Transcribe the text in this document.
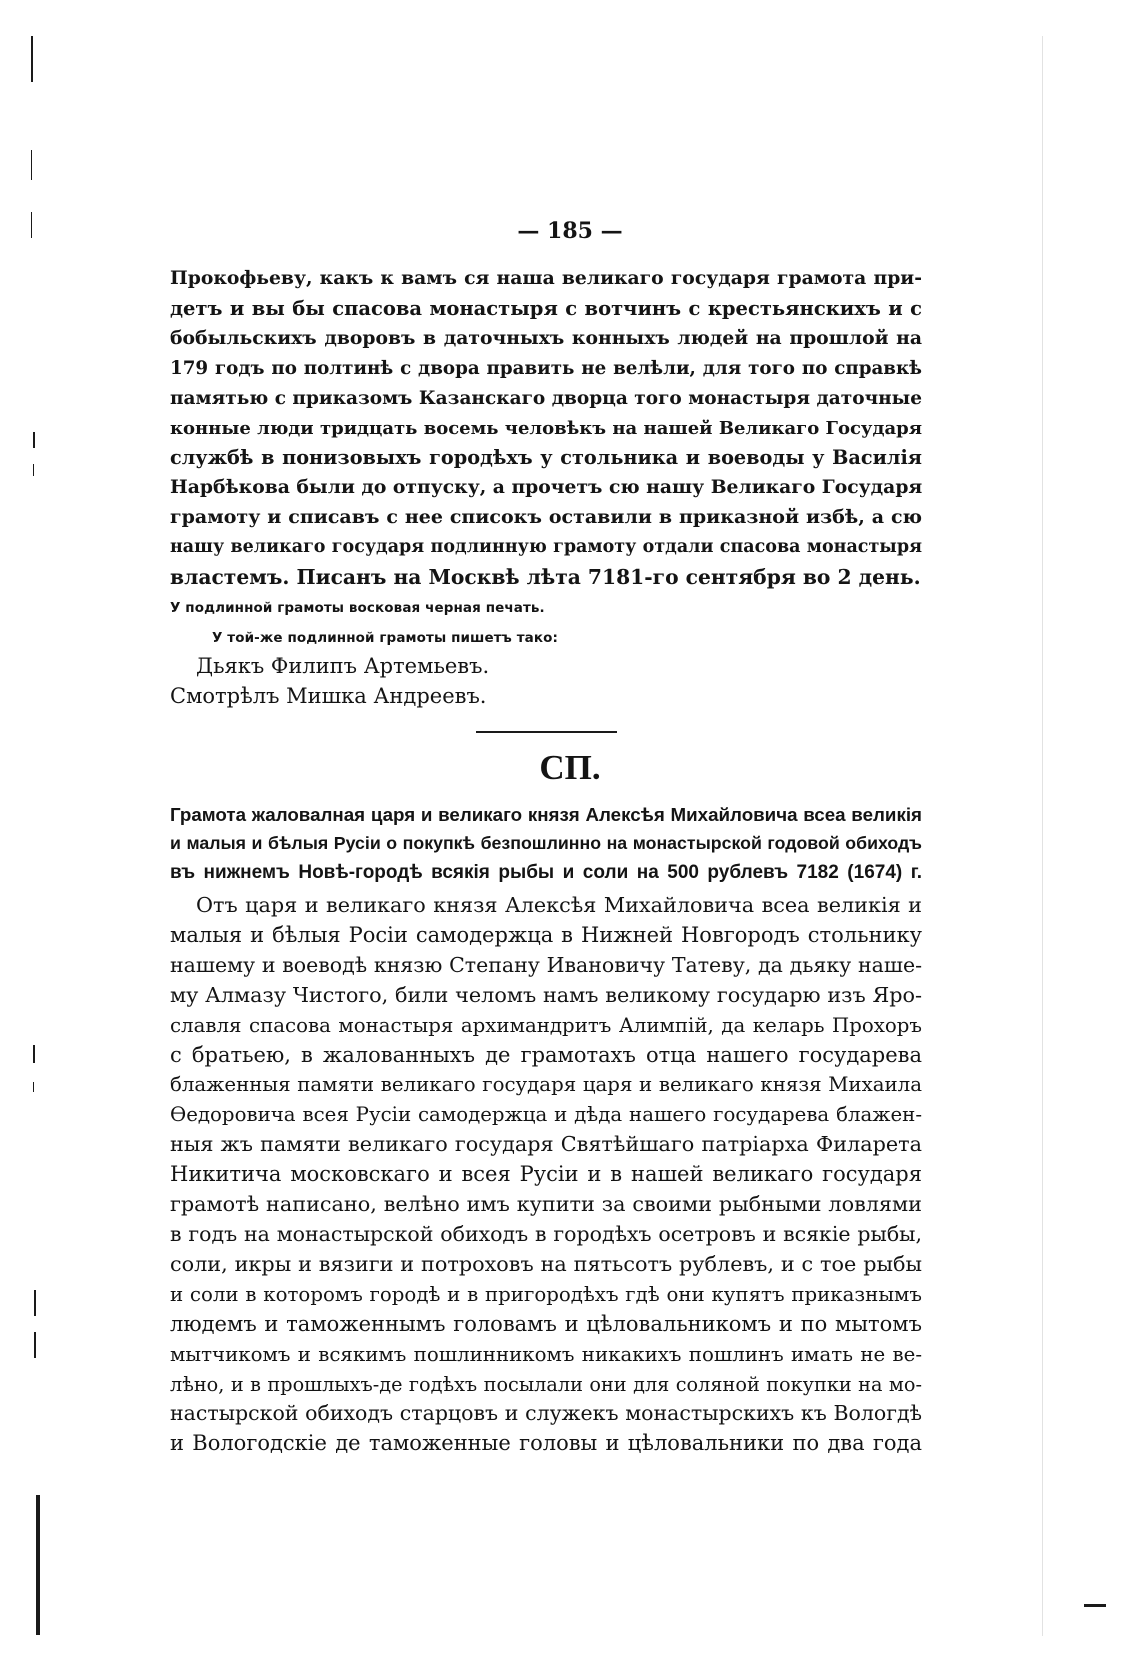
— 185 —
Прокофьеву, какъ к вамъ ся наша великаго государя грамота при-
детъ и вы бы спасова монастыря с вотчинъ с крестьянскихъ и с
бобыльскихъ дворовъ в даточныхъ конныхъ людей на прошлой на
179 годъ по полтинѣ с двора править не велѣли, для того по справкѣ
памятью с приказомъ Казанскаго дворца того монастыря даточные
конные люди тридцать восемь человѣкъ на нашей Великаго Государя
службѣ в понизовыхъ городѣхъ у стольника и воеводы у Василія
Нарбѣкова были до отпуску, а прочетъ сю нашу Великаго Государя
грамоту и списавъ с нее списокъ оставили в приказной избѣ, а сю
нашу великаго государя подлинную грамоту отдали спасова монастыря
властемъ. Писанъ на Москвѣ лѣта 7181-го сентября во 2 день.
У подлинной грамоты восковая черная печать.
У той-же подлинной грамоты пишетъ тако:
Дьякъ Филипъ Артемьевъ.
Смотрѣлъ Мишка Андреевъ.
СП.
Грамота жаловалная царя и великаго князя Алексѣя Михайловича всеа великія
и малыя и бѣлыя Русіи о покупкѣ безпошлинно на монастырской годовой обиходъ
въ нижнемъ Новѣ-городѣ всякія рыбы и соли на 500 рублевъ 7182 (1674) г.
Отъ царя и великаго князя Алексѣя Михайловича всеа великія и
малыя и бѣлыя Росіи самодержца в Нижней Новгородъ стольнику
нашему и воеводѣ князю Степану Ивановичу Татеву, да дьяку наше-
му Алмазу Чистого, били челомъ намъ великому государю изъ Яро-
славля спасова монастыря архимандритъ Алимпій, да келарь Прохоръ
с братьею, в жалованныхъ де грамотахъ отца нашего государева
блаженныя памяти великаго государя царя и великаго князя Михаила
Ѳедоровича всея Русіи самодержца и дѣда нашего государева блажен-
ныя жъ памяти великаго государя Святѣйшаго патріарха Филарета
Никитича московскаго и всея Русіи и в нашей великаго государя
грамотѣ написано, велѣно имъ купити за своими рыбными ловлями
в годъ на монастырской обиходъ в городѣхъ осетровъ и всякіе рыбы,
соли, икры и вязиги и потроховъ на пятьсотъ рублевъ, и с тое рыбы
и соли в которомъ городѣ и в пригородѣхъ гдѣ они купятъ приказнымъ
людемъ и таможеннымъ головамъ и цѣловальникомъ и по мытомъ
мытчикомъ и всякимъ пошлинникомъ никакихъ пошлинъ имать не ве-
лѣно, и в прошлыхъ-де годѣхъ посылали они для соляной покупки на мо-
настырской обиходъ старцовъ и служекъ монастырскихъ къ Вологдѣ
и Вологодскіе де таможенные головы и цѣловальники по два года
